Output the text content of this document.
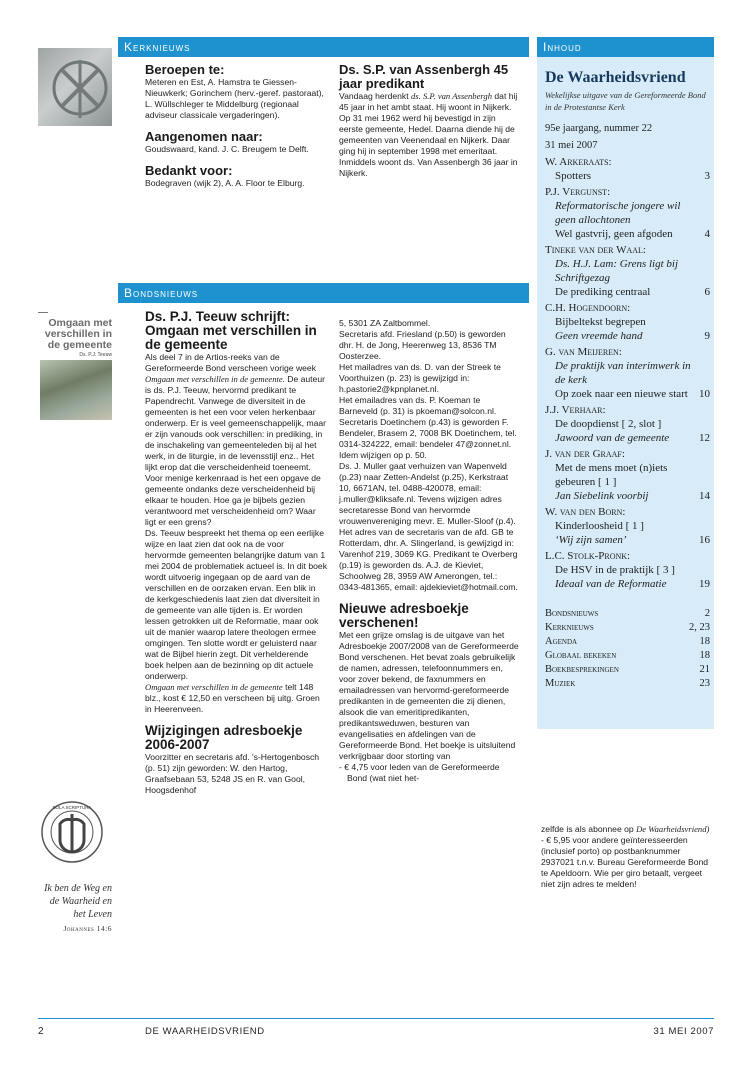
Omgaan met verschillen in de gemeente
Ds. P.J. Teeuw
SOLA SCRIPTURA
Ik ben de Weg en de Waarheid en het Leven
Johannes 14:6
Kerknieuws
Beroepen te:

Meteren en Est, A. Hamstra te Giessen-Nieuwkerk; Gorinchem (herv.-geref. pastoraat), L. Wüllschleger te Middelburg (regionaal adviseur classicale vergaderingen).

Aangenomen naar:

Goudswaard, kand. J. C. Breugem te Delft.

Bedankt voor:

Bodegraven (wijk 2), A. A. Floor te Elburg.

Ds. S.P. van Assenbergh 45 jaar predikant

Vandaag herdenkt ds. S.P. van Assenbergh dat hij 45 jaar in het ambt staat. Hij woont in Nijkerk. Op 31 mei 1962 werd hij bevestigd in zijn eerste gemeente, Hedel. Daarna diende hij de gemeenten van Veenendaal en Nijkerk. Daar ging hij in september 1998 met emeritaat. Inmiddels woont ds. Van Assenbergh 36 jaar in Nijkerk.

Bondsnieuws
Ds. P.J. Teeuw schrijft: Omgaan met verschillen in de gemeente

Als deel 7 in de Artios-reeks van de Gereformeerde Bond verscheen vorige week Omgaan met verschillen in de gemeente. De auteur is ds. P.J. Teeuw, hervormd predikant te Papendrecht. Vanwege de diversiteit in de gemeenten is het een voor velen herkenbaar onderwerp. Er is veel gemeenschappelijk, maar er zijn vanouds ook verschillen: in prediking, in de inschakeling van gemeenteleden bij al het werk, in de liturgie, in de levensstijl enz.. Het lijkt erop dat die verscheidenheid toeneemt. Voor menige kerkenraad is het een opgave de gemeente ondanks deze verscheidenheid bij elkaar te houden. Hoe ga je bijbels gezien verantwoord met verscheidenheid om? Waar ligt er een grens?

Ds. Teeuw bespreekt het thema op een eerlijke wijze en laat zien dat ook na de voor hervormde gemeenten belangrijke datum van 1 mei 2004 de problematiek actueel is. In dit boek wordt uitvoerig ingegaan op de aard van de verschillen en de oorzaken ervan. Een blik in de kerkgeschiedenis laat zien dat diversiteit in de gemeente van alle tijden is. Er worden lessen getrokken uit de Reformatie, maar ook uit de manier waarop latere theologen ermee omgingen. Ten slotte wordt er geluisterd naar wat de Bijbel hierin zegt. Dit verhelderende boek helpen aan de bezinning op dit actuele onderwerp.

Omgaan met verschillen in de gemeente telt 148 blz., kost € 12,50 en verscheen bij uitg. Groen in Heerenveen.

Wijzigingen adresboekje 2006-2007

Voorzitter en secretaris afd. 's-Hertogenbosch (p. 51) zijn geworden: W. den Hartog, Graafsebaan 53, 5248 JS en R. van Gool, Hoogsdenhof

5, 5301 ZA Zaltbommel.

Secretaris afd. Friesland (p.50) is geworden dhr. H. de Jong, Heerenweg 13, 8536 TM Oosterzee.

Het mailadres van ds. D. van der Streek te Voorthuizen (p. 23) is gewijzigd in: h.pastorie2@kpnplanet.nl.

Het emailadres van ds. P. Koeman te Barneveld (p. 31) is pkoeman@solcon.nl.

Secretaris Doetinchem (p.43) is geworden F. Bendeler, Brasem 2, 7008 BK Doetinchem, tel. 0314-324222, email: bendeler 47@zonnet.nl. Idem wijzigen op p. 50.

Ds. J. Muller gaat verhuizen van Wapenveld (p.23) naar Zetten-Andelst (p.25), Kerkstraat 10, 6671AN, tel. 0488-420078, email: j.muller@kliksafe.nl. Tevens wijzigen adres secretaresse Bond van hervormde vrouwenvereniging mevr. E. Muller-Sloof (p.4).

Het adres van de secretaris van de afd. GB te Rotterdam, dhr. A. Slingerland, is gewijzigd in: Varenhof 219, 3069 KG. Predikant te Overberg (p.19) is geworden ds. A.J. de Kieviet, Schoolweg 28, 3959 AW Amerongen, tel.: 0343-481365, email: ajdekieviet@hotmail.com.

Nieuwe adresboekje verschenen!

Met een grijze omslag is de uitgave van het Adresboekje 2007/2008 van de Gereformeerde Bond verschenen. Het bevat zoals gebruikelijk de namen, adressen, telefoonnummers en, voor zover bekend, de faxnummers en emailadressen van hervormd-gereformeerde predikanten in de gemeenten die zij dienen, alsook die van emeritipredikanten, predikantsweduwen, besturen van evangelisaties en afdelingen van de Gereformeerde Bond. Het boekje is uitsluitend verkrijgbaar door storting van

- € 4,75 voor leden van de Gereformeerde Bond (wat niet het-

zelfde is als abonnee op De Waarheidsvriend)

- € 5,95 voor andere geïnteresseerden

(inclusief porto) op postbanknummer 2937021 t.n.v. Bureau Gereformeerde Bond te Apeldoorn. Wie per giro betaalt, vergeet niet zijn adres te melden!

Inhoud
De Waarheidsvriend
Wekelijkse uitgave van de Gereformeerde Bond in de Protestantse Kerk
95e jaargang, nummer 22
31 mei 2007
W. Arkeraats:
Spotters	3
P.J. Vergunst:
Reformatorische jongere wil geen allochtonen
Wel gastvrij, geen afgoden	4
Tineke van der Waal:
Ds. H.J. Lam: Grens ligt bij Schriftgezag
De prediking centraal	6
C.H. Hogendoorn:
Bijbeltekst begrepen
Geen vreemde hand	9
G. van Meijeren:
De praktijk van interimwerk in de kerk
Op zoek naar een nieuwe start 10
J.J. Verhaar:
De doopdienst [ 2, slot ]
Jawoord van de gemeente	12
J. van der Graaf:
Met de mens moet (n)iets gebeuren [ 1 ]
Jan Siebelink voorbij	14
W. van den Born:
Kinderloosheid [ 1 ]
‘Wij zijn samen’	16
L.C. Stolk-Pronk:
De HSV in de praktijk [ 3 ]
Ideaal van de Reformatie	19
Bondsnieuws	2
Kerknieuws	2, 23
Agenda	18
Globaal bekeken	18
Boekbesprekingen	21
Muziek	23
2	DE WAARHEIDSVRIEND	31 MEI 2007
